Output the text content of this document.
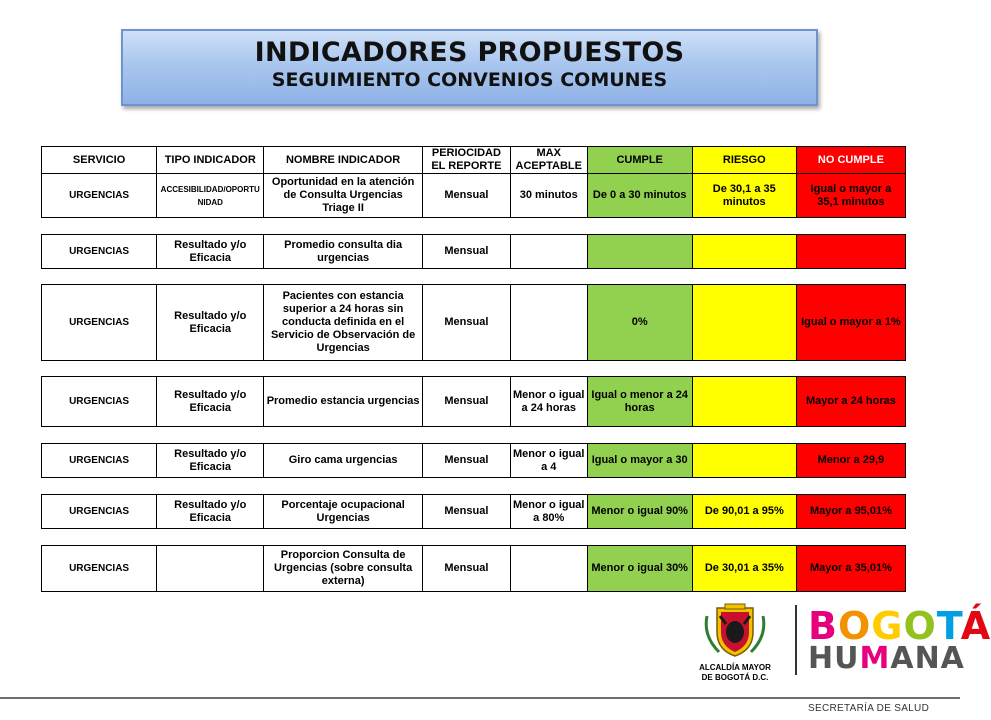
INDICADORES PROPUESTOS
SEGUIMIENTO CONVENIOS COMUNES
SERVICIO	TIPO INDICADOR	NOMBRE INDICADOR	PERIOCIDAD EL REPORTE	MAX ACEPTABLE	CUMPLE	RIESGO	NO CUMPLE
URGENCIAS	ACCESIBILIDAD/OPORTUNIDAD	Oportunidad en la atención de Consulta Urgencias Triage II	Mensual	30 minutos	De 0 a 30 minutos	De 30,1 a 35 minutos	Igual o mayor a 35,1 minutos
URGENCIAS	Resultado y/o Eficacia	Promedio consulta dia urgencias	Mensual				
URGENCIAS	Resultado y/o Eficacia	Pacientes con estancia superior a 24 horas sin conducta definida en el Servicio de Observación de Urgencias	Mensual		0%		Igual o mayor a 1%
URGENCIAS	Resultado y/o Eficacia	Promedio estancia urgencias	Mensual	Menor o igual a 24 horas	Igual o menor a 24 horas		Mayor a 24 horas
URGENCIAS	Resultado y/o Eficacia	Giro cama urgencias	Mensual	Menor o igual a 4	Igual o mayor a 30		Menor a 29,9
URGENCIAS	Resultado y/o Eficacia	Porcentaje ocupacional Urgencias	Mensual	Menor o igual a 80%	Menor o igual 90%	De 90,01 a 95%	Mayor a 95,01%
URGENCIAS		Proporcion Consulta de Urgencias (sobre consulta externa)	Mensual		Menor o igual 30%	De 30,01 a 35%	Mayor a 35,01%
ALCALDÍA MAYOR
DE BOGOTÁ D.C.
BOGOTÁ
HUMANA
SECRETARÍA DE SALUD
